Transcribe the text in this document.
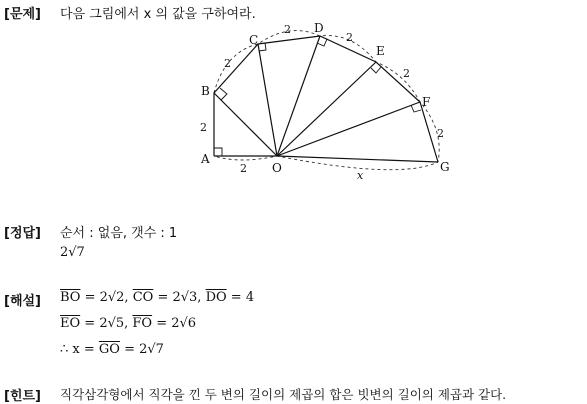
[문제] 다음 그림에서 x 의 값을 구하여라.
A
B
C
D
E
F
G
O
2
2
2
2
2
2
2
x
[정답] 순서 : 없음, 갯수 : 1
2√7
[해설] $\overline{BO} = 2√2$, $\overline{CO} = 2√3$, $\overline{DO} = 4$
$\overline{EO} = 2√5$, $\overline{FO} = 2√6$
∴ $x = \overline{GO} = 2√7$
[힌트] 직각삼각형에서 직각을 낀 두 변의 길이의 제곱의 합은 빗변의 길이의 제곱과 같다.
